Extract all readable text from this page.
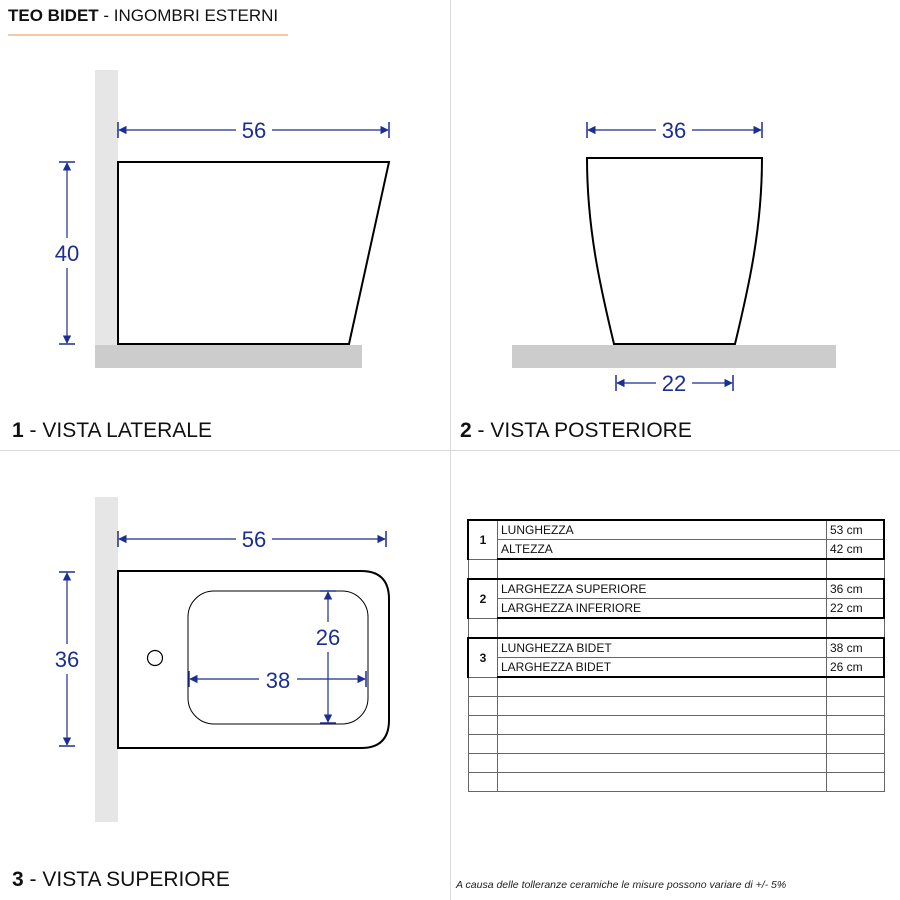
TEO BIDET - INGOMBRI ESTERNI
56
40
36
22
56
36
38
26
1 - VISTA LATERALE	2 - VISTA POSTERIORE
3 - VISTA SUPERIORE
1	LUNGHEZZA	53 cm
	ALTEZZA	42 cm

2	LARGHEZZA SUPERIORE	36 cm
	LARGHEZZA INFERIORE	22 cm

3	LUNGHEZZA BIDET	38 cm
	LARGHEZZA BIDET	26 cm

A causa delle tolleranze ceramiche le misure possono variare di +/- 5%
